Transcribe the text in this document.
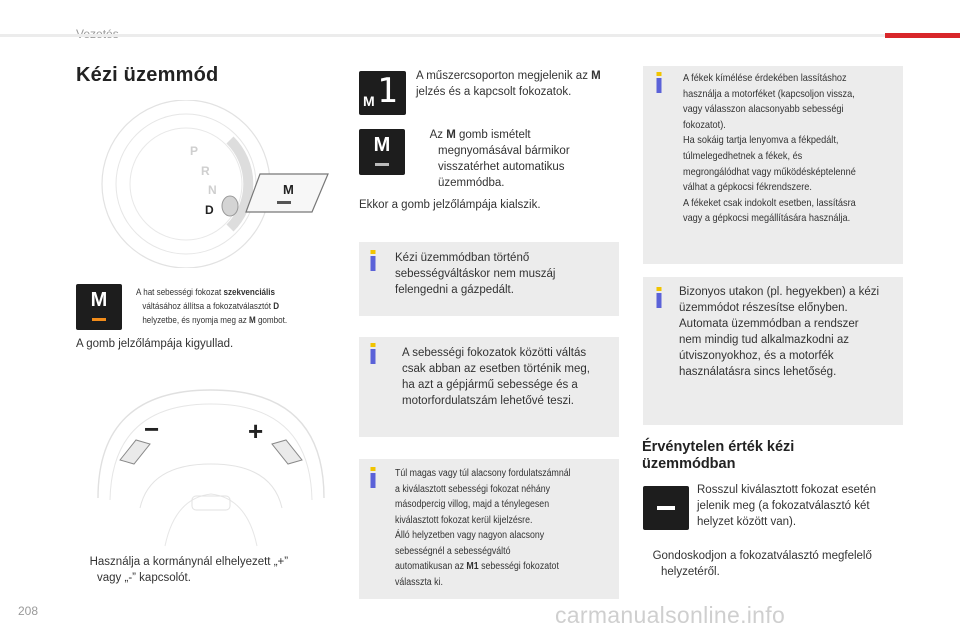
Kézi üzemmód
P
R
N
D
M
M	A hat sebességi fokozat szekvenciális
váltásához állítsa a fokozatválasztót D
helyzetbe, és nyomja meg az M gombot.
A gomb jelzőlámpája kigyullad.
−	+
Használja a kormánynál elhelyezett „+”
vagy „-” kapcsolót.
M 1 A műszercsoporton megjelenik az M
jelzés és a kapcsolt fokozatok.
M	Az M gomb ismételt
megnyomásával bármikor
visszatérhet automatikus
üzemmódba.
Ekkor a gomb jelzőlámpája kialszik.
Kézi üzemmódban történő
sebességváltáskor nem muszáj
felengedni a gázpedált.
A sebességi fokozatok közötti váltás
csak abban az esetben történik meg,
ha azt a gépjármű sebessége és a
motorfordulatszám lehetővé teszi.
Túl magas vagy túl alacsony fordulatszámnál
a kiválasztott sebességi fokozat néhány
másodpercig villog, majd a ténylegesen
kiválasztott fokozat kerül kijelzésre.
Álló helyzetben vagy nagyon alacsony
sebességnél a sebességváltó
automatikusan az M1 sebességi fokozatot
válasszta ki.
A fékek kímélése érdekében lassításhoz
használja a motorféket (kapcsoljon vissza,
vagy válasszon alacsonyabb sebességi
fokozatot).
Ha sokáig tartja lenyomva a fékpedált,
túlmelegedhetnek a fékek, és
megrongálódhat vagy működésképtelenné
válhat a gépkocsi fékrendszere.
A fékeket csak indokolt esetben, lassításra
vagy a gépkocsi megállítására használja.
Bizonyos utakon (pl. hegyekben) a kézi
üzemmódot részesítse előnyben.
Automata üzemmódban a rendszer
nem mindig tud alkalmazkodni az
útviszonyokhoz, és a motorfék
használatásra sincs lehetőség.
Érvénytelen érték kézi
üzemmódban
Rosszul kiválasztott fokozat esetén
jelenik meg (a fokozatválasztó két
helyzet között van).
Gondoskodjon a fokozatválasztó megfelelő
helyzetéről.
208	carmanualsonline.info
